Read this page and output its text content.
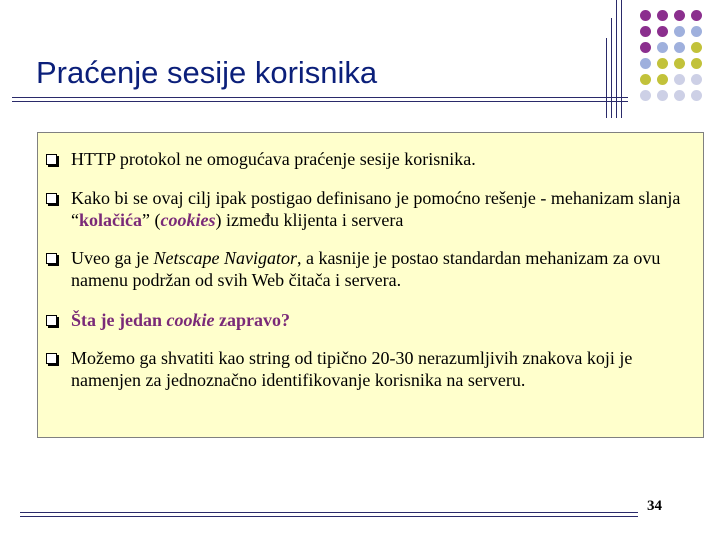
Praćenje sesije korisnika
HTTP protokol ne omogućava praćenje sesije korisnika.
Kako bi se ovaj cilj ipak postigao definisano je pomoćno rešenje - mehanizam slanja “kolačića” (cookies) između klijenta i servera
Uveo ga je Netscape Navigator, a kasnije je postao standardan mehanizam za ovu namenu podržan od svih Web čitača i servera.
Šta je jedan cookie zapravo?
Možemo ga shvatiti kao string od tipično 20-30 nerazumljivih znakova koji je namenjen za jednoznačno identifikovanje korisnika na serveru.
34
